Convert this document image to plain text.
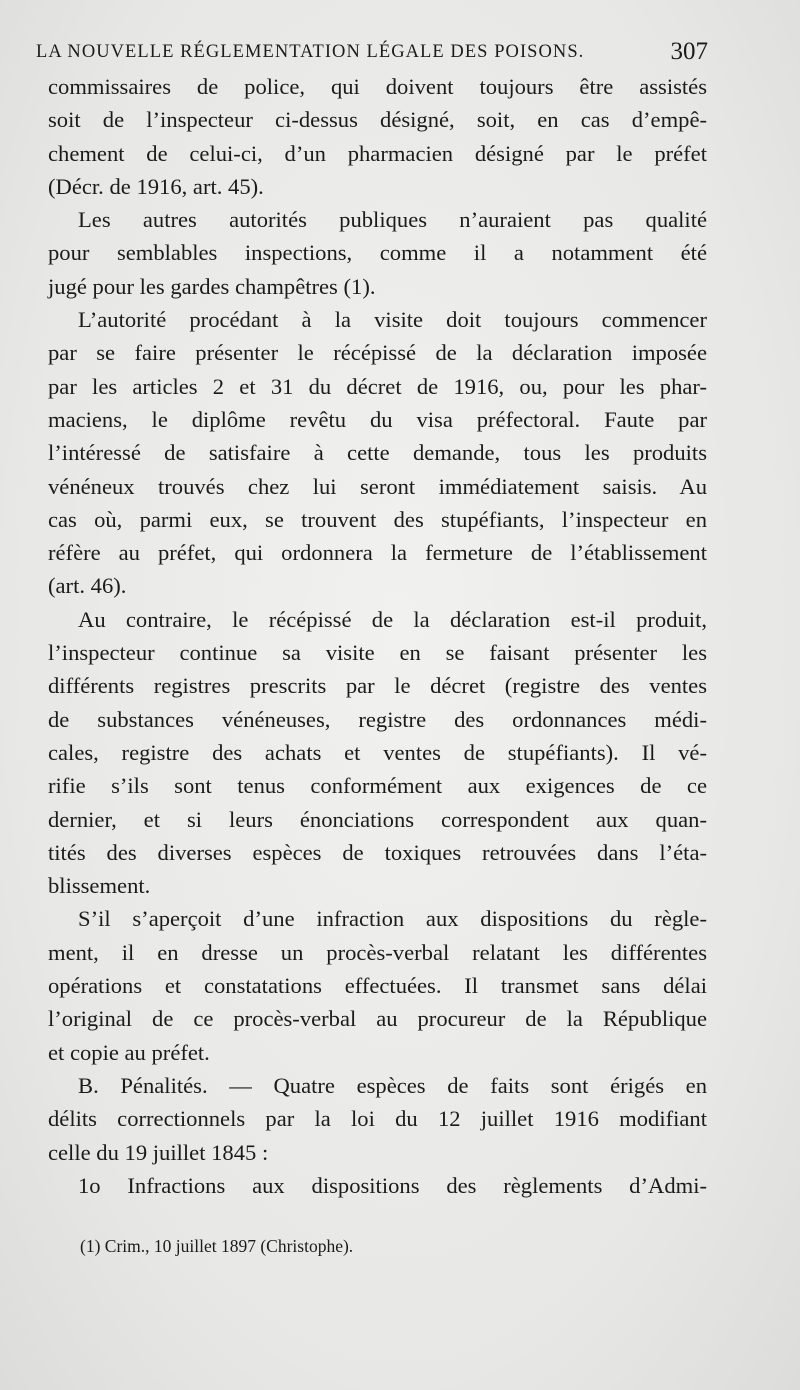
LA NOUVELLE RÉGLEMENTATION LÉGALE DES POISONS.	307
commissaires de police, qui doivent toujours être assistés
soit de l’inspecteur ci-dessus désigné, soit, en cas d’empê-
chement de celui-ci, d’un pharmacien désigné par le préfet
(Décr. de 1916, art. 45).
Les autres autorités publiques n’auraient pas qualité
pour semblables inspections, comme il a notamment été
jugé pour les gardes champêtres (1).
L’autorité procédant à la visite doit toujours commencer
par se faire présenter le récépissé de la déclaration imposée
par les articles 2 et 31 du décret de 1916, ou, pour les phar-
maciens, le diplôme revêtu du visa préfectoral. Faute par
l’intéressé de satisfaire à cette demande, tous les produits
vénéneux trouvés chez lui seront immédiatement saisis. Au
cas où, parmi eux, se trouvent des stupéfiants, l’inspecteur en
réfère au préfet, qui ordonnera la fermeture de l’établissement
(art. 46).
Au contraire, le récépissé de la déclaration est-il produit,
l’inspecteur continue sa visite en se faisant présenter les
différents registres prescrits par le décret (registre des ventes
de substances vénéneuses, registre des ordonnances médi-
cales, registre des achats et ventes de stupéfiants). Il vé-
rifie s’ils sont tenus conformément aux exigences de ce
dernier, et si leurs énonciations correspondent aux quan-
tités des diverses espèces de toxiques retrouvées dans l’éta-
blissement.
S’il s’aperçoit d’une infraction aux dispositions du règle-
ment, il en dresse un procès-verbal relatant les différentes
opérations et constatations effectuées. Il transmet sans délai
l’original de ce procès-verbal au procureur de la République
et copie au préfet.
B. Pénalités. — Quatre espèces de faits sont érigés en
délits correctionnels par la loi du 12 juillet 1916 modifiant
celle du 19 juillet 1845 :
1o Infractions aux dispositions des règlements d’Admi-
(1) Crim., 10 juillet 1897 (Christophe).
